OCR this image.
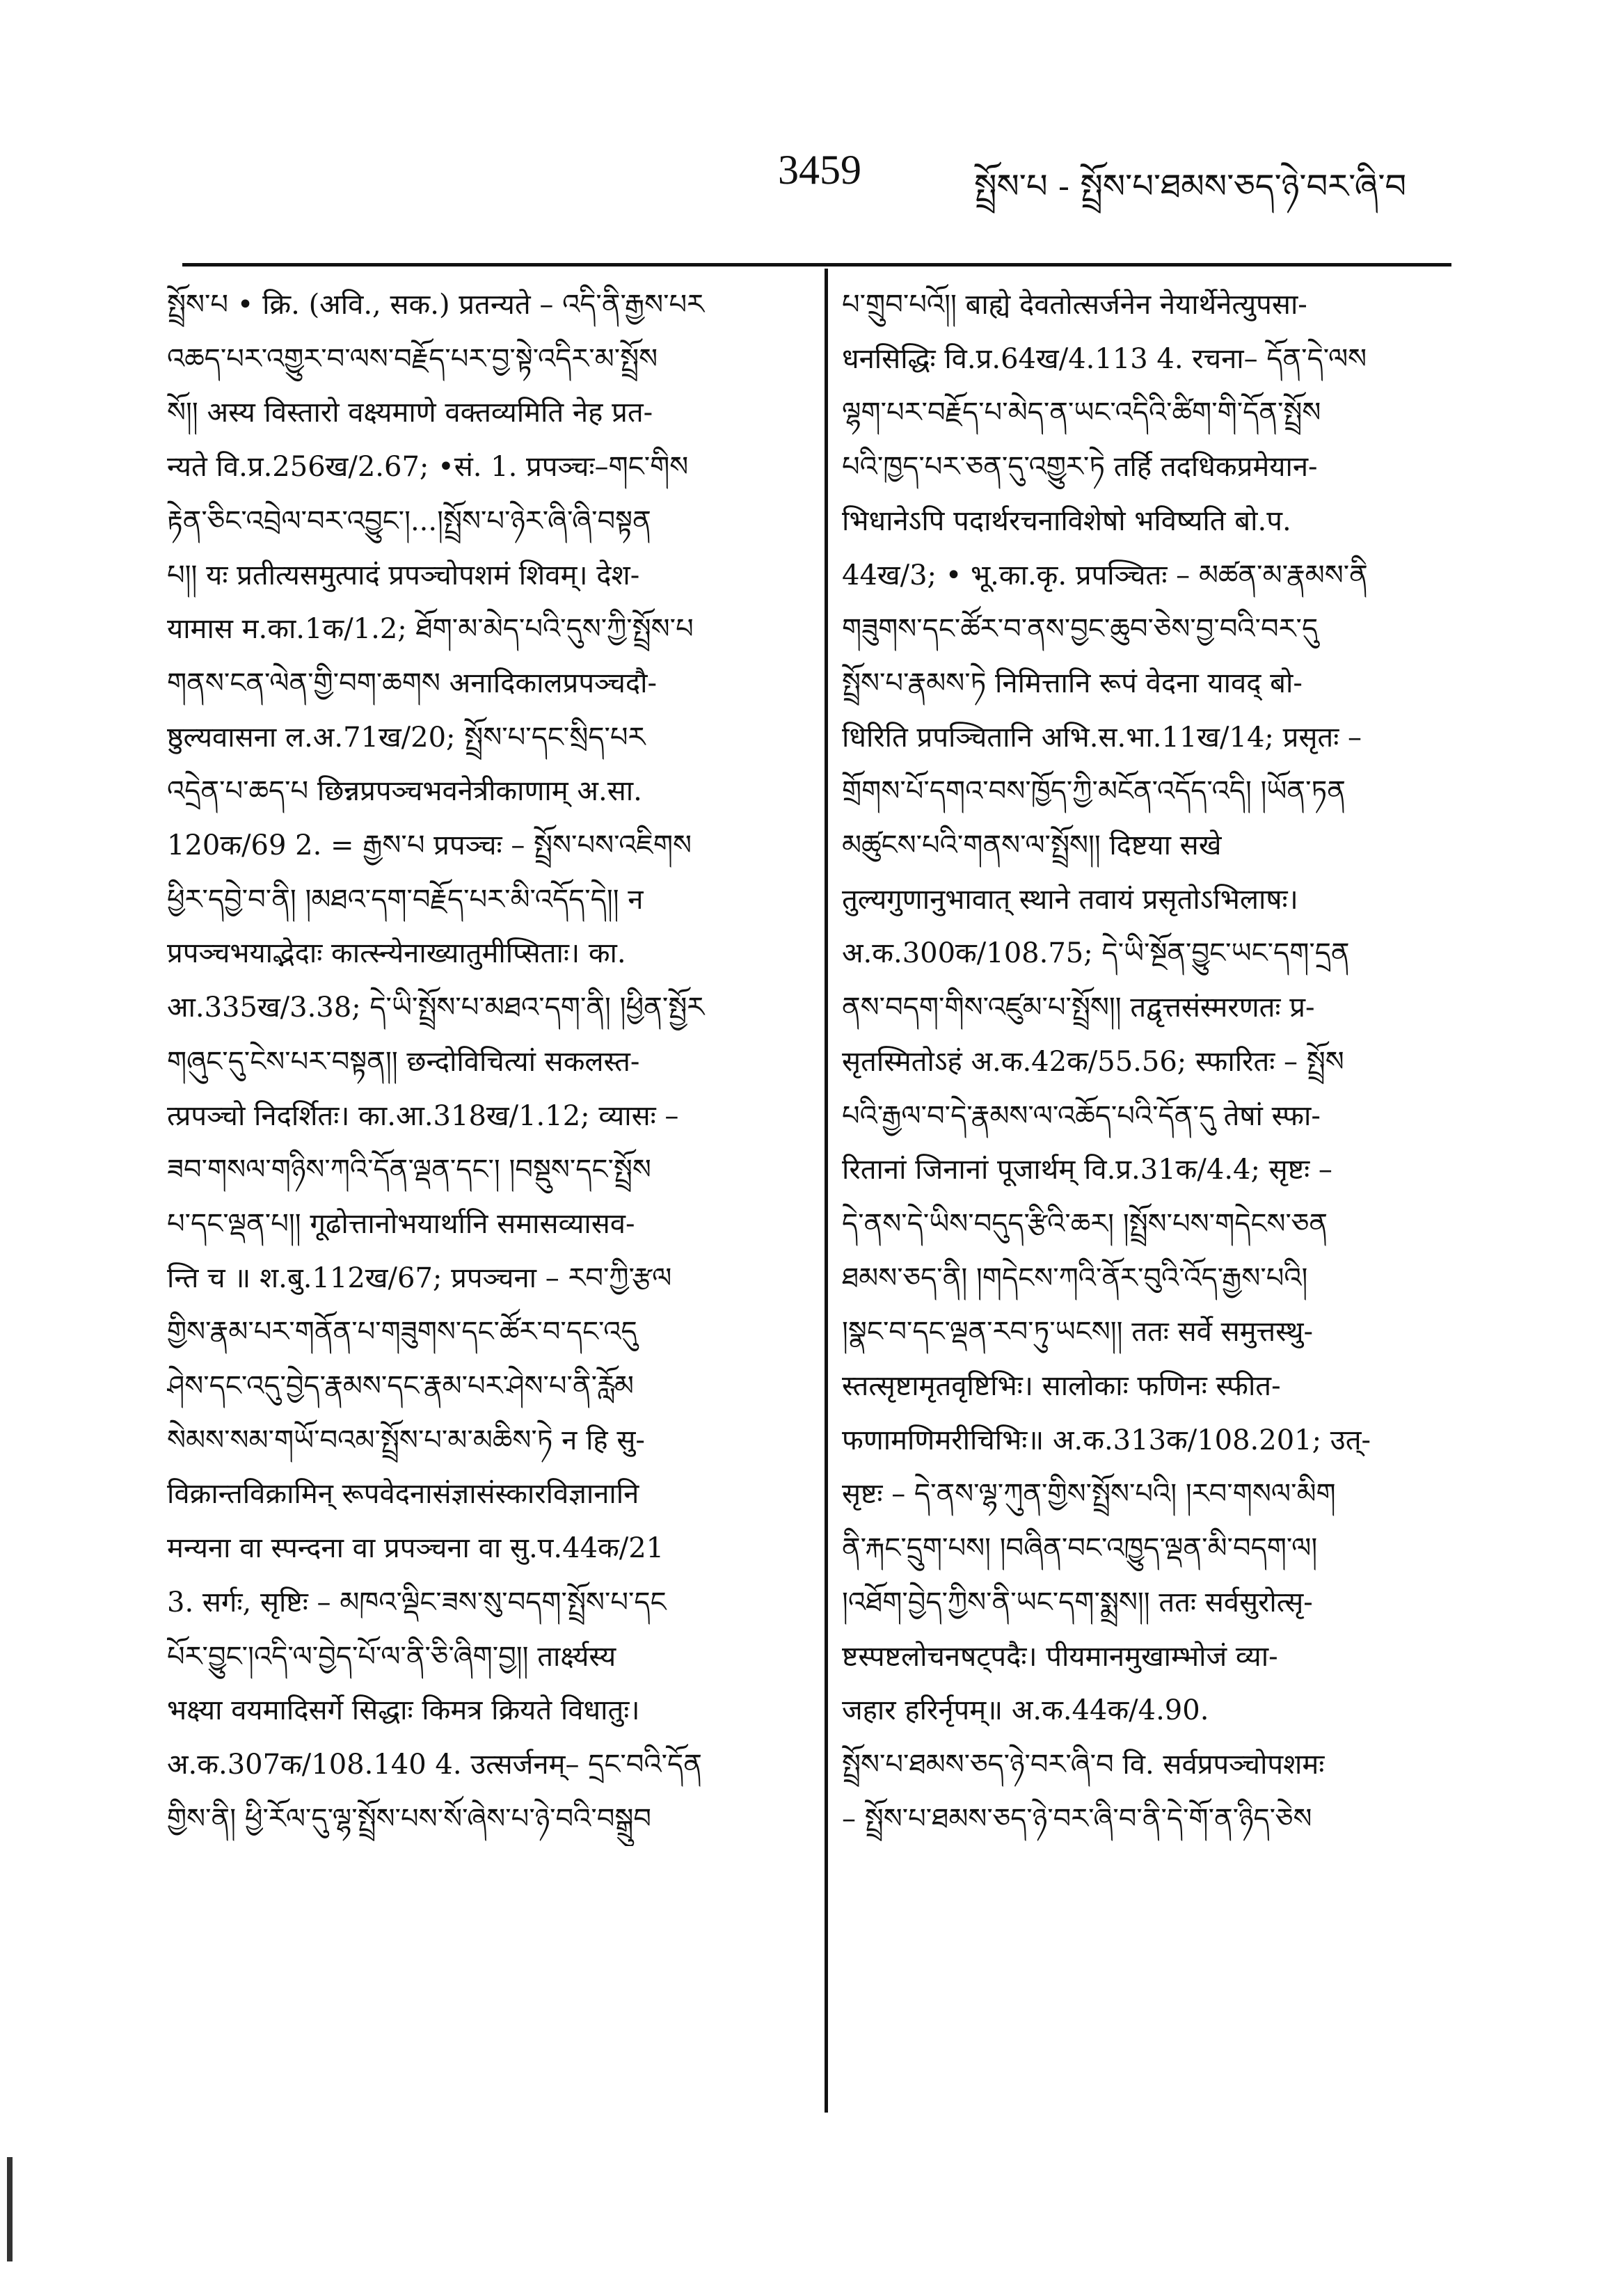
3459	སྤྲོས་པ - སྤྲོས་པ་ཐམས་ཅད་ཉེ་བར་ཞི་བ
སྤྲོས་པ • क्रि. (अवि., सक.) प्रतन्यते – འདི་ནི་རྒྱས་པར
འཆད་པར་འགྱུར་བ་ལས་བརྗོད་པར་བྱ་སྟེ་འདིར་མ་སྤྲོས
སོ།། अस्य विस्तारो वक्ष्यमाणे वक्तव्यमिति नेह प्रत-
न्यते वि.प्र.256ख/2.67; •सं. 1. प्रपञ्चः–གང་གིས
རྟེན་ཅིང་འབྲེལ་བར་འབྱུང་།...།སྤྲོས་པ་ཉེར་ཞི་ཞི་བསྟན
པ།། यः प्रतीत्यसमुत्पादं प्रपञ्चोपशमं शिवम्। देश-
यामास म.का.1क/1.2; ཐོག་མ་མེད་པའི་དུས་ཀྱི་སྤྲོས་པ
གནས་ངན་ལེན་གྱི་བག་ཆགས अनादिकालप्रपञ्चदौ-
ष्ठुल्यवासना ल.अ.71ख/20; སྤྲོས་པ་དང་སྲིད་པར
འདྲེན་པ་ཆད་པ छिन्नप्रपञ्चभवनेत्रीकाणाम् अ.सा.
120क/69 2. = རྒྱས་པ प्रपञ्चः – སྤྲོས་པས་འཇིགས
ཕྱིར་དབྱེ་བ་ནི། །མཐའ་དག་བརྗོད་པར་མི་འདོད་དེ།། न
प्रपञ्चभयाद्भेदाः कात्स्न्येनाख्यातुमीप्सिताः। का.
आ.335ख/3.38; དེ་ཡི་སྤྲོས་པ་མཐའ་དག་ནི། །ཕྱིན་སྤྱོར
གཞུང་དུ་ངེས་པར་བསྟན།། छन्दोविचित्यां सकलस्त-
त्प्रपञ्चो निदर्शितः। का.आ.318ख/1.12; व्यासः –
ཟབ་གསལ་གཉིས་ཀའི་དོན་ལྡན་དང་། །བསྡུས་དང་སྤྲོས
པ་དང་ལྡན་པ།། गूढोत्तानोभयार्थानि समासव्यासव-
न्ति च ॥ श.बु.112ख/67; प्रपञ्चना – རབ་ཀྱི་རྩལ
གྱིས་རྣམ་པར་གནོན་པ་གཟུགས་དང་ཚོར་བ་དང་འདུ
ཤེས་དང་འདུ་བྱེད་རྣམས་དང་རྣམ་པར་ཤེས་པ་ནི་རློམ
སེམས་སམ་གཡོ་བའམ་སྤྲོས་པ་མ་མཆིས་ཏེ न हि सु-
विक्रान्तविक्रामिन् रूपवेदनासंज्ञासंस्कारविज्ञानानि
मन्यना वा स्पन्दना वा प्रपञ्चना वा सु.प.44क/21
3. सर्गः, सृष्टिः – མཁའ་ལྡིང་ཟས་སུ་བདག་སྤྲོས་པ་དང
པོར་བྱུང་།འདི་ལ་བྱེད་པོ་ལ་ནི་ཅི་ཞིག་བྱ།། तार्क्ष्यस्य
भक्ष्या वयमादिसर्गे सिद्धाः किमत्र क्रियते विधातुः।
अ.क.307क/108.140 4. उत्सर्जनम्– དྲང་བའི་དོན
གྱིས་ནི། ཕྱི་རོལ་དུ་ལྷ་སྤྲོས་པས་སོ་ཞེས་པ་ཉེ་བའི་བསྒྲུབ
པ་གྲུབ་པའོ།། बाह्ये देवतोत्सर्जनेन नेयार्थेनेत्युपसा-
धनसिद्धिः वि.प्र.64ख/4.113 4. रचना– དོན་དེ་ལས
ལྷག་པར་བརྗོད་པ་མེད་ན་ཡང་འདིའི་ཚིག་གི་དོན་སྤྲོས
པའི་ཁྱད་པར་ཅན་དུ་འགྱུར་ཏེ तर्हि तदधिकप्रमेयान-
भिधानेऽपि पदार्थरचनाविशेषो भविष्यति बो.प.
44ख/3; • भू.का.कृ. प्रपञ्चितः – མཚན་མ་རྣམས་ནི
གཟུགས་དང་ཚོར་བ་ནས་བྱང་ཆུབ་ཅེས་བྱ་བའི་བར་དུ
སྤྲོས་པ་རྣམས་ཏེ निमित्तानि रूपं वेदना यावद् बो-
धिरिति प्रपञ्चितानि अभि.स.भा.11ख/14; प्रसृतः –
གྲོགས་པོ་དགའ་བས་ཁྱོད་ཀྱི་མངོན་འདོད་འདི། །ཡོན་ཏན
མཚུངས་པའི་གནས་ལ་སྤྲོས།། दिष्टया सखे
तुल्यगुणानुभावात् स्थाने तवायं प्रसृतोऽभिलाषः।
अ.क.300क/108.75; དེ་ཡི་སྔོན་བྱུང་ཡང་དག་དྲན
ནས་བདག་གིས་འཛུམ་པ་སྤྲོས།། तद्वृत्तसंस्मरणतः प्र-
सृतस्मितोऽहं अ.क.42क/55.56; स्फारितः – སྤྲོས
པའི་རྒྱལ་བ་དེ་རྣམས་ལ་འཆོད་པའི་དོན་དུ तेषां स्फा-
रितानां जिनानां पूजार्थम् वि.प्र.31क/4.4; सृष्टः –
དེ་ནས་དེ་ཡིས་བདུད་རྩིའི་ཆར། །སྤྲོས་པས་གདེངས་ཅན
ཐམས་ཅད་ནི། །གདེངས་ཀའི་ནོར་བུའི་འོད་རྒྱས་པའི།
།སྣང་བ་དང་ལྡན་རབ་ཏུ་ཡངས།། ततः सर्वे समुत्तस्थु-
स्तत्सृष्टामृतवृष्टिभिः। सालोकाः फणिनः स्फीत-
फणामणिमरीचिभिः॥ अ.क.313क/108.201; उत्-
सृष्टः – དེ་ནས་ལྷ་ཀུན་གྱིས་སྤྲོས་པའི། །རབ་གསལ་མིག
ནི་རྐང་དྲུག་པས། །བཞིན་བང་འཁྱུད་ལྡན་མི་བདག་ལ།
།འཐོག་བྱེད་ཀྱིས་ནི་ཡང་དག་སྨྲས།། ततः सर्वसुरोत्सृ-
ष्टस्पष्टलोचनषट्पदैः। पीयमानमुखाम्भोजं व्या-
जहार हरिर्नृपम्॥ अ.क.44क/4.90.
སྤྲོས་པ་ཐམས་ཅད་ཉེ་བར་ཞི་བ वि. सर्वप्रपञ्चोपशमः
– སྤྲོས་པ་ཐམས་ཅད་ཉེ་བར་ཞི་བ་ནི་དེ་གོ་ན་ཉིད་ཅེས
